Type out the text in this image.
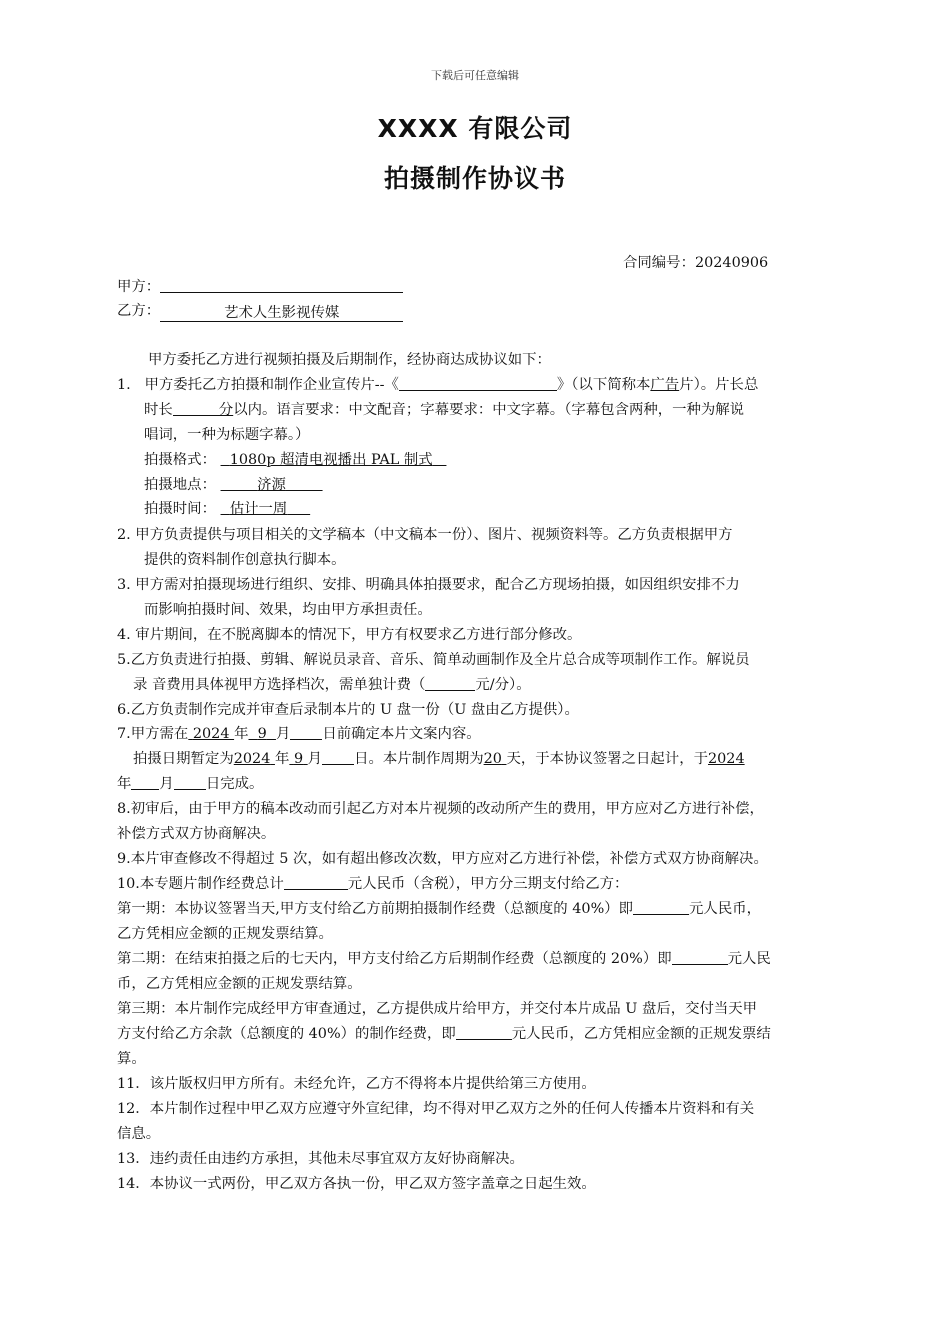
下载后可任意编辑
XXXX 有限公司
拍摄制作协议书
合同编号：20240906
甲方：
乙方：	艺术人生影视传媒
甲方委托乙方进行视频拍摄及后期制作，经协商达成协议如下：
1. 甲方委托乙方拍摄和制作企业宣传片--《	》（以下简称本广告片）。片长总
时长	分以内。语言要求：中文配音；字幕要求：中文字幕。（字幕包含两种，一种为解说
唱词，一种为标题字幕。）
拍摄格式： 1080p 超清电视播出 PAL 制式
拍摄地点：	济源
拍摄时间： 估计一周
2. 甲方负责提供与项目相关的文学稿本（中文稿本一份）、图片、视频资料等。乙方负责根据甲方
提供的资料制作创意执行脚本。
3. 甲方需对拍摄现场进行组织、安排、明确具体拍摄要求，配合乙方现场拍摄，如因组织安排不力
而影响拍摄时间、效果，均由甲方承担责任。
4. 审片期间，在不脱离脚本的情况下，甲方有权要求乙方进行部分修改。
5.乙方负责进行拍摄、剪辑、解说员录音、音乐、简单动画制作及全片总合成等项制作工作。解说员
录 音费用具体视甲方选择档次，需单独计费（	元/分）。
6.乙方负责制作完成并审查后录制本片的 U 盘一份（U 盘由乙方提供）。
7.甲方需在 2024 年 9 月 日前确定本片文案内容。
拍摄日期暂定为2024 年 9 月 日。本片制作周期为20 天，于本协议签署之日起计，于2024
年 月 日完成。
8.初审后，由于甲方的稿本改动而引起乙方对本片视频的改动所产生的费用，甲方应对乙方进行补偿，
补偿方式双方协商解决。
9.本片审查修改不得超过 5 次，如有超出修改次数，甲方应对乙方进行补偿，补偿方式双方协商解决。
10.本专题片制作经费总计	元人民币（含税），甲方分三期支付给乙方：
第一期：本协议签署当天,甲方支付给乙方前期拍摄制作经费（总额度的 40%）即	元人民币，
乙方凭相应金额的正规发票结算。
第二期：在结束拍摄之后的七天内，甲方支付给乙方后期制作经费（总额度的 20%）即	元人民
币，乙方凭相应金额的正规发票结算。
第三期：本片制作完成经甲方审查通过，乙方提供成片给甲方，并交付本片成品 U 盘后，交付当天甲
方支付给乙方余款（总额度的 40%）的制作经费，即	元人民币，乙方凭相应金额的正规发票结
算。
11．该片版权归甲方所有。未经允许，乙方不得将本片提供给第三方使用。
12．本片制作过程中甲乙双方应遵守外宣纪律，均不得对甲乙双方之外的任何人传播本片资料和有关
信息。
13．违约责任由违约方承担，其他未尽事宜双方友好协商解决。
14．本协议一式两份，甲乙双方各执一份，甲乙双方签字盖章之日起生效。
